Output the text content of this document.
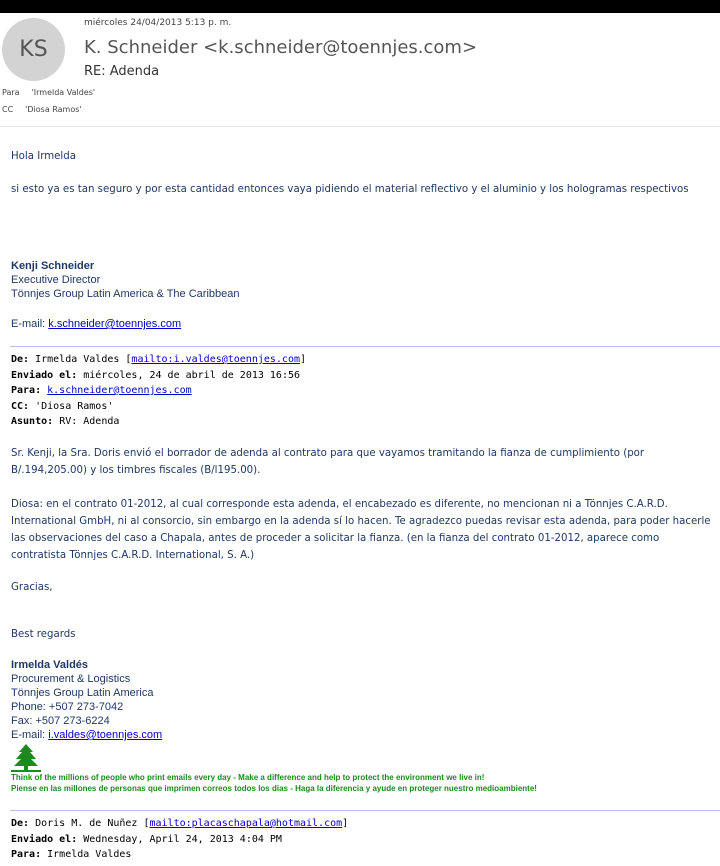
KS
miércoles 24/04/2013 5:13 p. m.
K. Schneider <k.schneider@toennjes.com>
RE: Adenda
Para 'Irmelda Valdes'
CC 'Diosa Ramos'
Hola Irmelda
si esto ya es tan seguro y por esta cantidad entonces vaya pidiendo el material reflectivo y el aluminio y los hologramas respectivos
Kenji Schneider
Executive Director
Tönnjes Group Latin America & The Caribbean
E-mail: k.schneider@toennjes.com
De: Irmelda Valdes [mailto:i.valdes@toennjes.com]
Enviado el: miércoles, 24 de abril de 2013 16:56
Para: k.schneider@toennjes.com
CC: 'Diosa Ramos'
Asunto: RV: Adenda
Sr. Kenji, la Sra. Doris envió el borrador de adenda al contrato para que vayamos tramitando la fianza de cumplimiento (por B/.194,205.00) y los timbres fiscales (B/l195.00).
Diosa: en el contrato 01-2012, al cual corresponde esta adenda, el encabezado es diferente, no mencionan ni a Tönnjes C.A.R.D. International GmbH, ni al consorcio, sin embargo en la adenda sí lo hacen. Te agradezco puedas revisar esta adenda, para poder hacerle las observaciones del caso a Chapala, antes de proceder a solicitar la fianza. (en la fianza del contrato 01-2012, aparece como contratista Tönnjes C.A.R.D. International, S. A.)
Gracias,
Best regards
Irmelda Valdés
Procurement & Logistics
Tönnjes Group Latin America
Phone: +507 273-7042
Fax: +507 273-6224
E-mail: i.valdes@toennjes.com
Think of the millions of people who print emails every day - Make a difference and help to protect the environment we live in!
Piense en las millones de personas que imprimen correos todos los dias - Haga la diferencia y ayude en proteger nuestro medioambiente!
De: Doris M. de Nuñez [mailto:placaschapala@hotmail.com]
Enviado el: Wednesday, April 24, 2013 4:04 PM
Para: Irmelda Valdes
